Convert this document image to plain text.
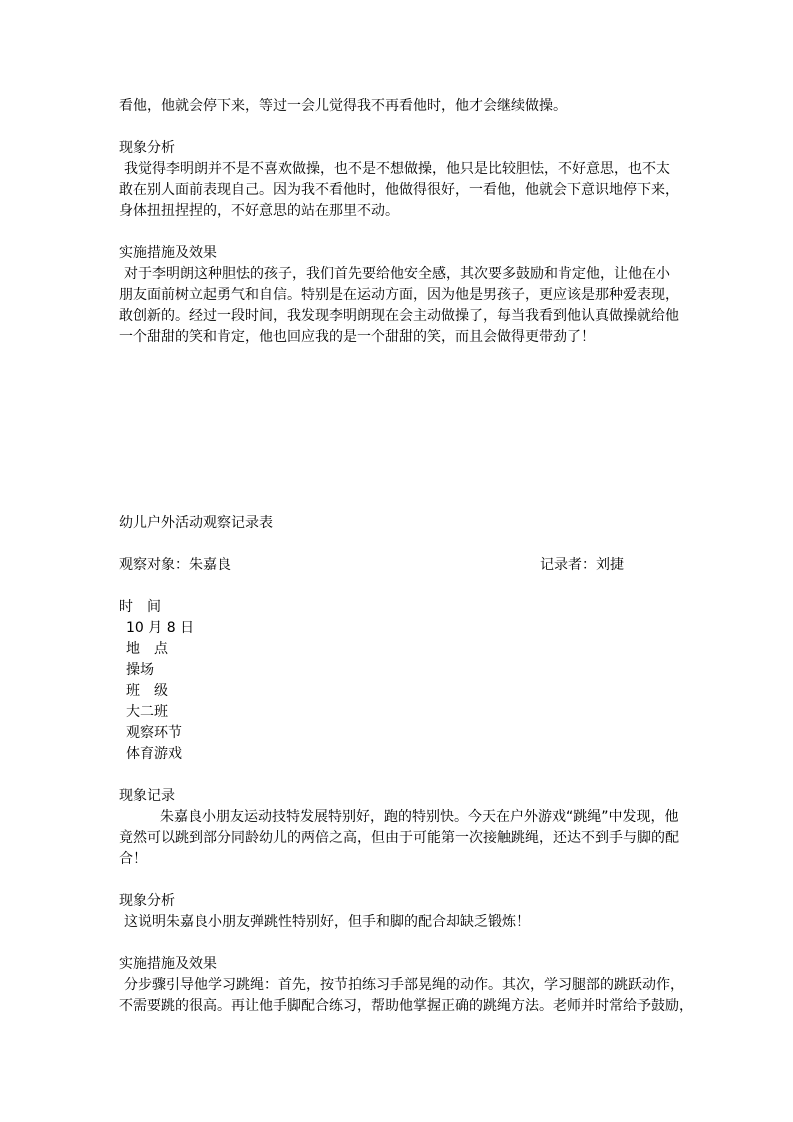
看他，他就会停下来，等过一会儿觉得我不再看他时，他才会继续做操。
现象分析
我觉得李明朗并不是不喜欢做操，也不是不想做操，他只是比较胆怯，不好意思，也不太
敢在别人面前表现自己。因为我不看他时，他做得很好，一看他，他就会下意识地停下来，
身体扭扭捏捏的，不好意思的站在那里不动。
实施措施及效果
对于李明朗这种胆怯的孩子，我们首先要给他安全感，其次要多鼓励和肯定他，让他在小
朋友面前树立起勇气和自信。特别是在运动方面，因为他是男孩子，更应该是那种爱表现，
敢创新的。经过一段时间，我发现李明朗现在会主动做操了，每当我看到他认真做操就给他
一个甜甜的笑和肯定，他也回应我的是一个甜甜的笑，而且会做得更带劲了！
幼儿户外活动观察记录表
观察对象：朱嘉良	记录者：刘捷
时　间
10 月 8 日
地　点
操场
班　级
大二班
观察环节
体育游戏
现象记录
朱嘉良小朋友运动技特发展特别好，跑的特别快。今天在户外游戏“跳绳”中发现，他
竟然可以跳到部分同龄幼儿的两倍之高，但由于可能第一次接触跳绳，还达不到手与脚的配
合！
现象分析
这说明朱嘉良小朋友弹跳性特别好，但手和脚的配合却缺乏锻炼！
实施措施及效果
分步骤引导他学习跳绳：首先，按节拍练习手部晃绳的动作。其次，学习腿部的跳跃动作，
不需要跳的很高。再让他手脚配合练习，帮助他掌握正确的跳绳方法。老师并时常给予鼓励，
